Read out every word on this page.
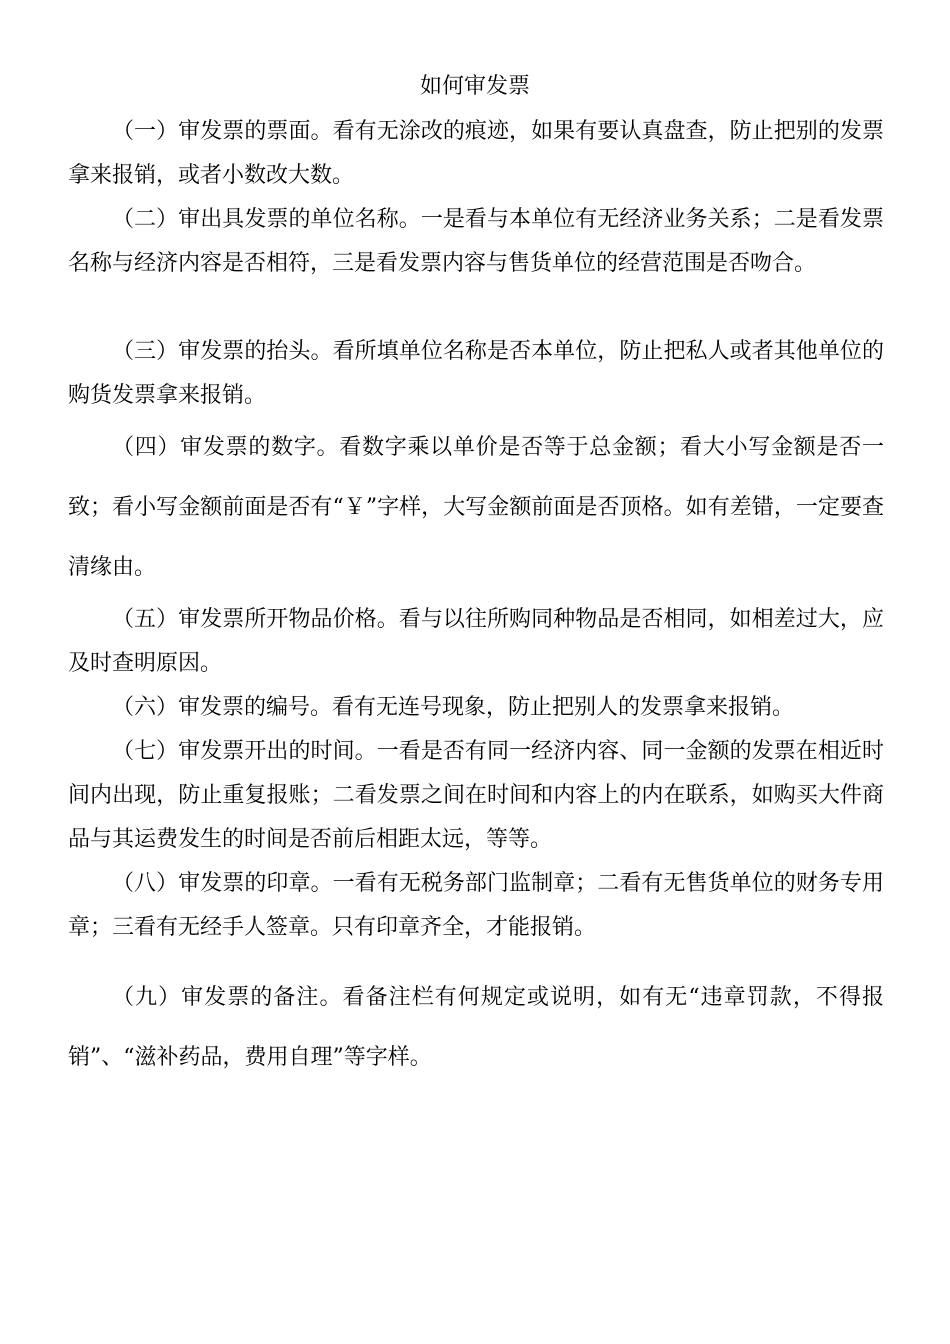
如何审发票

（一）审发票的票面。看有无涂改的痕迹，如果有要认真盘查，防止把别的发票拿来报销，或者小数改大数。

（二）审出具发票的单位名称。一是看与本单位有无经济业务关系；二是看发票名称与经济内容是否相符，三是看发票内容与售货单位的经营范围是否吻合。

（三）审发票的抬头。看所填单位名称是否本单位，防止把私人或者其他单位的购货发票拿来报销。

（四）审发票的数字。看数字乘以单价是否等于总金额；看大小写金额是否一致；看小写金额前面是否有“￥”字样，大写金额前面是否顶格。如有差错，一定要查清缘由。

（五）审发票所开物品价格。看与以往所购同种物品是否相同，如相差过大，应及时查明原因。

（六）审发票的编号。看有无连号现象，防止把别人的发票拿来报销。

（七）审发票开出的时间。一看是否有同一经济内容、同一金额的发票在相近时间内出现，防止重复报账；二看发票之间在时间和内容上的内在联系，如购买大件商品与其运费发生的时间是否前后相距太远，等等。

（八）审发票的印章。一看有无税务部门监制章；二看有无售货单位的财务专用章；三看有无经手人签章。只有印章齐全，才能报销。

（九）审发票的备注。看备注栏有何规定或说明，如有无“违章罚款，不得报销”、“滋补药品，费用自理”等字样。
